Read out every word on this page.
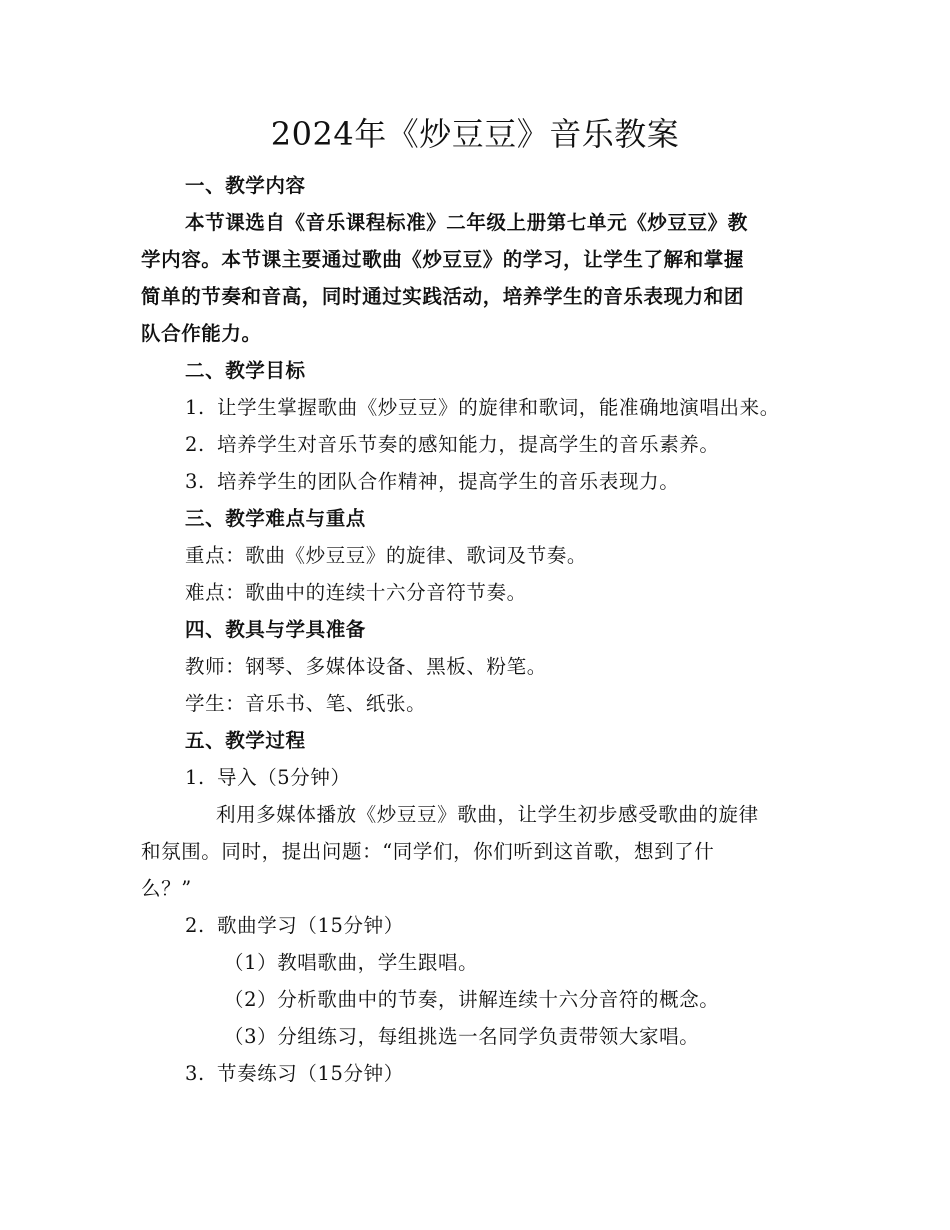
2024年《炒豆豆》音乐教案
一、教学内容
本节课选自《音乐课程标准》二年级上册第七单元《炒豆豆》教
学内容。本节课主要通过歌曲《炒豆豆》的学习，让学生了解和掌握
简单的节奏和音高，同时通过实践活动，培养学生的音乐表现力和团
队合作能力。
二、教学目标
1. 让学生掌握歌曲《炒豆豆》的旋律和歌词，能准确地演唱出来。
2. 培养学生对音乐节奏的感知能力，提高学生的音乐素养。
3. 培养学生的团队合作精神，提高学生的音乐表现力。
三、教学难点与重点
重点：歌曲《炒豆豆》的旋律、歌词及节奏。
难点：歌曲中的连续十六分音符节奏。
四、教具与学具准备
教师：钢琴、多媒体设备、黑板、粉笔。
学生：音乐书、笔、纸张。
五、教学过程
1. 导入（5分钟）
利用多媒体播放《炒豆豆》歌曲，让学生初步感受歌曲的旋律
和氛围。同时，提出问题：“同学们，你们听到这首歌，想到了什
么？”
2. 歌曲学习（15分钟）
（1）教唱歌曲，学生跟唱。
（2）分析歌曲中的节奏，讲解连续十六分音符的概念。
（3）分组练习，每组挑选一名同学负责带领大家唱。
3. 节奏练习（15分钟）
